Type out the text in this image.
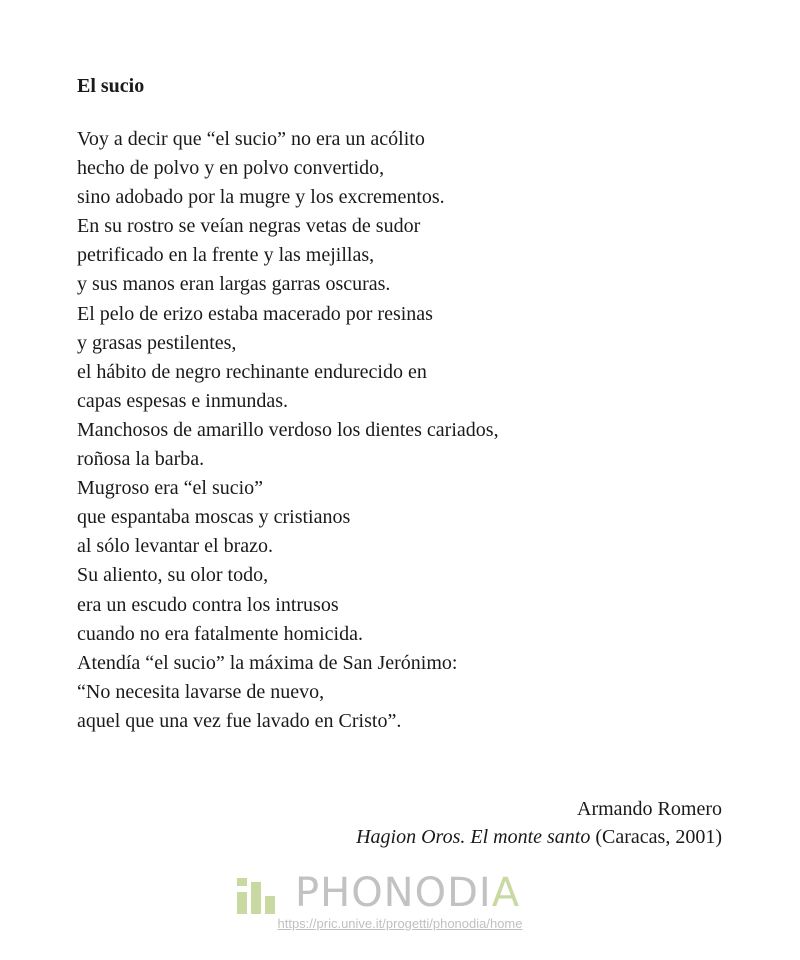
El sucio
Voy a decir que “el sucio” no era un acólito
hecho de polvo y en polvo convertido,
sino adobado por la mugre y los excrementos.
En su rostro se veían negras vetas de sudor
petrificado en la frente y las mejillas,
y sus manos eran largas garras oscuras.
El pelo de erizo estaba macerado por resinas
y grasas pestilentes,
el hábito de negro rechinante endurecido en
capas espesas e inmundas.
Manchosos de amarillo verdoso los dientes cariados,
roñosa la barba.
Mugroso era “el sucio”
que espantaba moscas y cristianos
al sólo levantar el brazo.
Su aliento, su olor todo,
era un escudo contra los intrusos
cuando no era fatalmente homicida.
Atendía “el sucio” la máxima de San Jerónimo:
“No necesita lavarse de nuevo,
aquel que una vez fue lavado en Cristo”.
Armando Romero
Hagion Oros. El monte santo (Caracas, 2001)
PHONODIA
https://pric.unive.it/progetti/phonodia/home
